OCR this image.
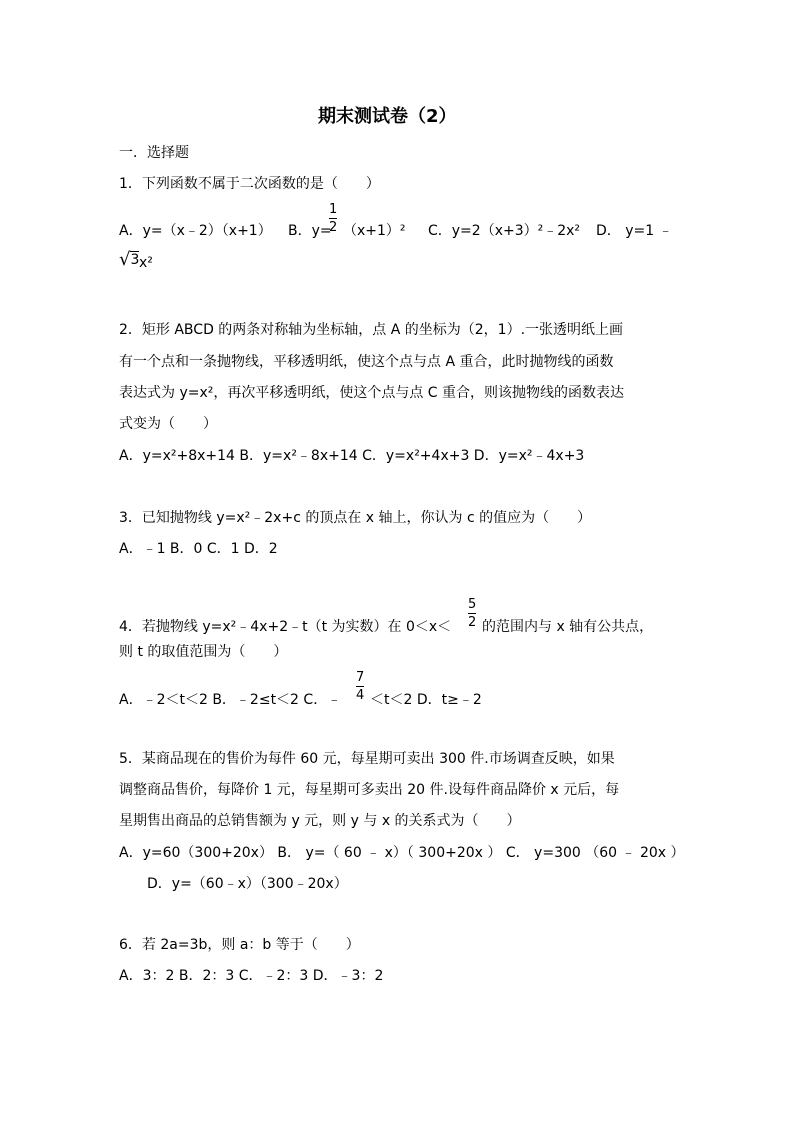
期末测试卷（2）
一．选择题
1．下列函数不属于二次函数的是（　　）
A．y=（x﹣2）（x+1） B．y=
1
2 （x+1）² C．y=2（x+3）²﹣2x² D． y=1 ﹣
√ 3 x²
2．矩形 ABCD 的两条对称轴为坐标轴，点 A 的坐标为（2，1）.一张透明纸上画
有一个点和一条抛物线，平移透明纸，使这个点与点 A 重合，此时抛物线的函数
表达式为 y=x²，再次平移透明纸，使这个点与点 C 重合，则该抛物线的函数表达
式变为（　　）
A．y=x²+8x+14 B．y=x²﹣8x+14 C．y=x²+4x+3 D．y=x²﹣4x+3
3．已知抛物线 y=x²﹣2x+c 的顶点在 x 轴上，你认为 c 的值应为（　　）
A．﹣1 B．0 C．1 D．2
4．若抛物线 y=x²﹣4x+2﹣t（t 为实数）在 0＜x＜
5
2 的范围内与 x 轴有公共点，
则 t 的取值范围为（　　）
A．﹣2＜t＜2 B．﹣2≤t＜2 C．﹣
7
4 ＜t＜2 D．t≥﹣2
5．某商品现在的售价为每件 60 元，每星期可卖出 300 件.市场调查反映，如果
调整商品售价，每降价 1 元，每星期可多卖出 20 件.设每件商品降价 x 元后，每
星期售出商品的总销售额为 y 元，则 y 与 x 的关系式为（　　）
A．y=60（300+20x） B． y=（ 60 ﹣ x）（ 300+20x ） C． y=300 （60 ﹣ 20x ）
D．y=（60﹣x）（300﹣20x）
6．若 2a=3b，则 a：b 等于（　　）
A．3：2 B．2：3 C．﹣2：3 D．﹣3：2
